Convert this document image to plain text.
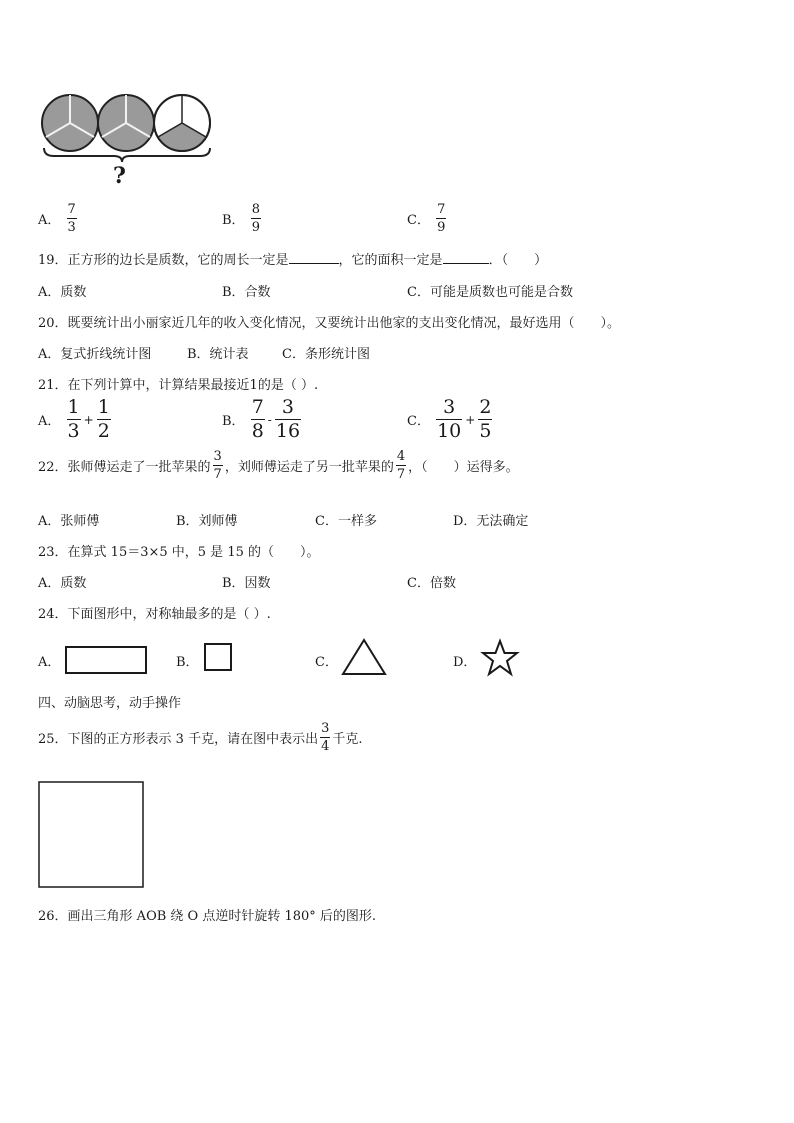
?
A． $\frac{7}{3}$	B． $\frac{8}{9}$	C． $\frac{7}{9}$
19．正方形的边长是质数，它的周长一定是	，它的面积一定是	．（　　）
A．质数	B．合数	C．可能是质数也可能是合数
20．既要统计出小丽家近几年的收入变化情况，又要统计出他家的支出变化情况，最好选用（　　）。
A．复式折线统计图	B．统计表	C．条形统计图
21．在下列计算中，计算结果最接近1的是（ ）.
A． $\frac{1}{3} + \frac{1}{2}$	B． $\frac{7}{8} - \frac{3}{16}$	C． $\frac{3}{10} + \frac{2}{5}$
22．张师傅运走了一批苹果的 $\frac{3}{7}$ ，刘师傅运走了另一批苹果的 $\frac{4}{7}$ ，（　　）运得多。
A．张师傅	B．刘师傅	C．一样多	D．无法确定
23．在算式 15＝3×5 中，5 是 15 的（　　）。
A．质数	B．因数	C．倍数
24．下面图形中，对称轴最多的是（ ）.
A．	B．	C．	D．
四、动脑思考，动手操作
25．下图的正方形表示 3 千克，请在图中表示出 $\frac{3}{4}$ 千克.
26．画出三角形 AOB 绕 O 点逆时针旋转 180° 后的图形.
